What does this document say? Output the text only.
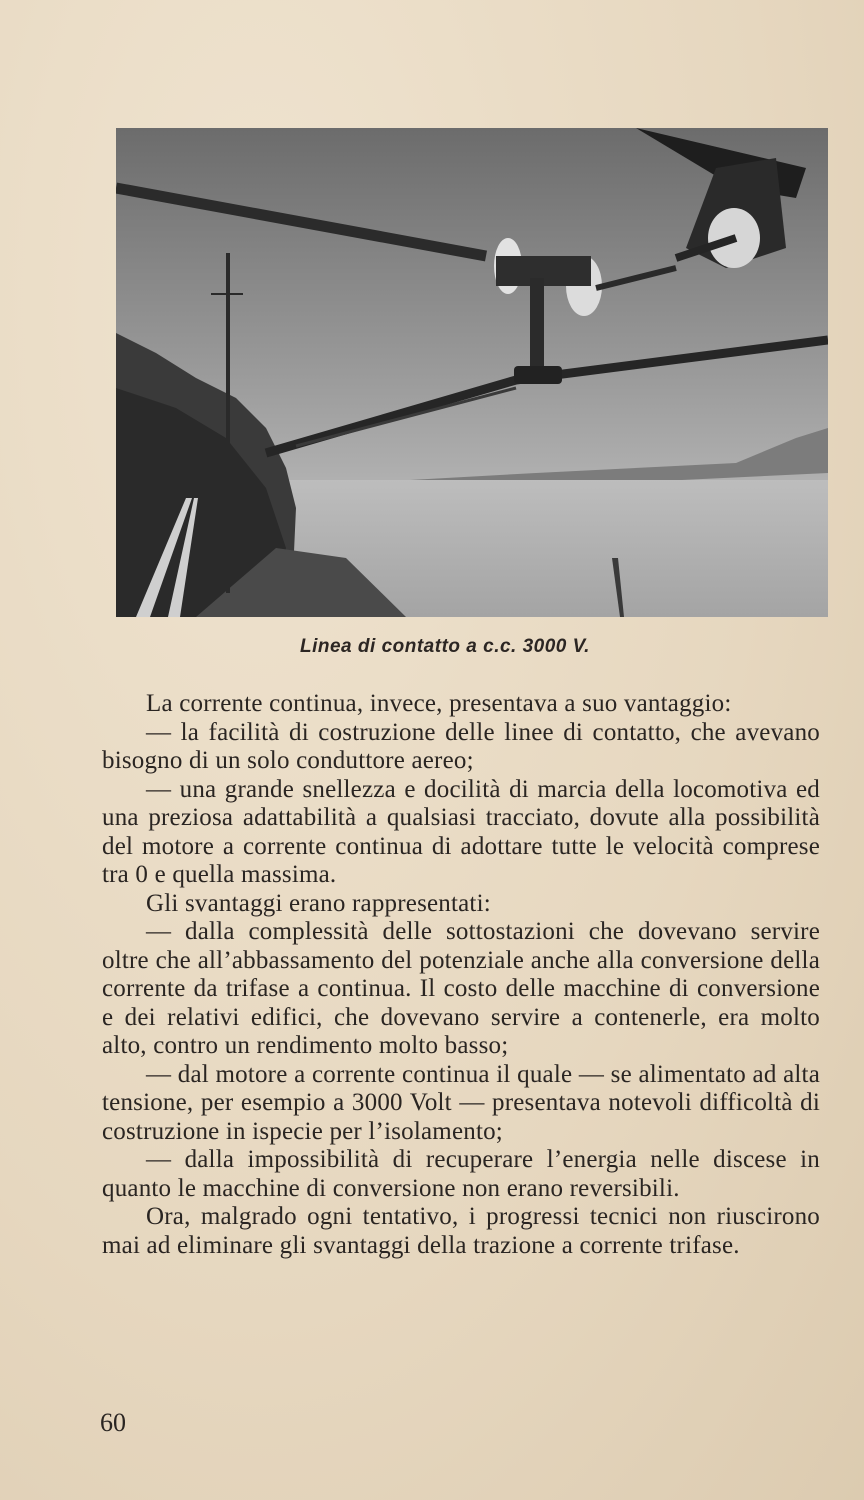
Linea di contatto a c.c. 3000 V.

La corrente continua, invece, presentava a suo vantaggio:

— la facilità di costruzione delle linee di contatto, che avevano bisogno di un solo conduttore aereo;

— una grande snellezza e docilità di marcia della locomotiva ed una preziosa adattabilità a qualsiasi tracciato, dovute alla possibilità del motore a corrente continua di adottare tutte le velocità comprese tra 0 e quella massima.

Gli svantaggi erano rappresentati:

— dalla complessità delle sottostazioni che dovevano servire oltre che all’abbassamento del potenziale anche alla conversione della corrente da trifase a continua. Il costo delle macchine di conversione e dei relativi edifici, che dovevano servire a contenerle, era molto alto, contro un rendimento molto basso;

— dal motore a corrente continua il quale — se alimentato ad alta tensione, per esempio a 3000 Volt — presentava notevoli difficoltà di costruzione in ispecie per l’isolamento;

— dalla impossibilità di recuperare l’energia nelle discese in quanto le macchine di conversione non erano reversibili.

Ora, malgrado ogni tentativo, i progressi tecnici non riuscirono mai ad eliminare gli svantaggi della trazione a corrente trifase.

60
